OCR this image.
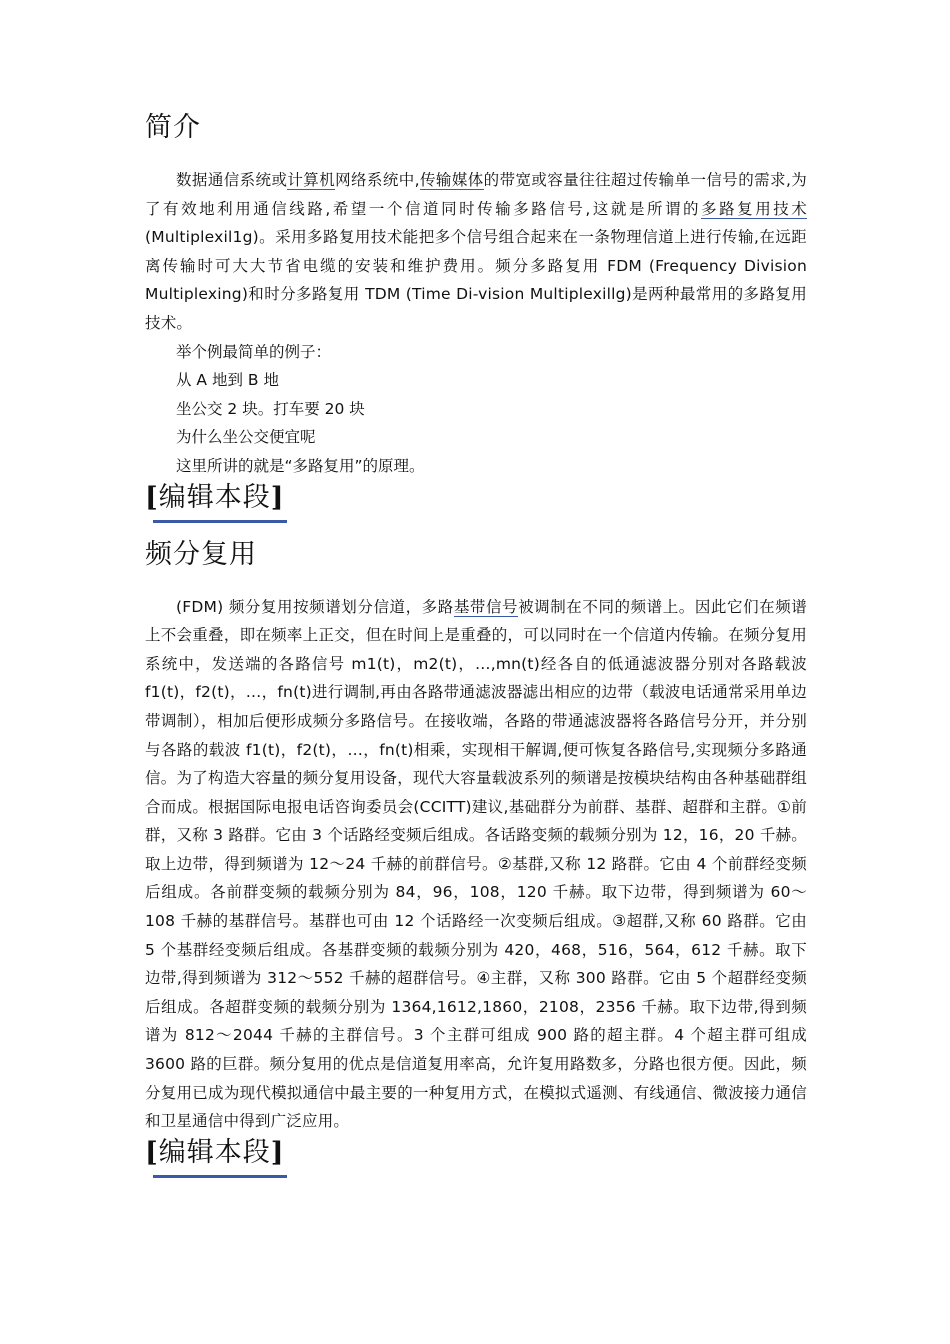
简介

数据通信系统或计算机网络系统中,传输媒体的带宽或容量往往超过传输单一信号的需求,为了有效地利用通信线路,希望一个信道同时传输多路信号,这就是所谓的多路复用技术(Multiplexil1g)。采用多路复用技术能把多个信号组合起来在一条物理信道上进行传输,在远距离传输时可大大节省电缆的安装和维护费用。频分多路复用 FDM (Frequency Division Multiplexing)和时分多路复用 TDM (Time Di-vision Multiplexillg)是两种最常用的多路复用技术。

举个例最简单的例子：

从 A 地到 B 地

坐公交 2 块。打车要 20 块

为什么坐公交便宜呢

这里所讲的就是“多路复用”的原理。

[编辑本段]
频分复用

(FDM) 频分复用按频谱划分信道，多路基带信号被调制在不同的频谱上。因此它们在频谱上不会重叠，即在频率上正交，但在时间上是重叠的，可以同时在一个信道内传输。在频分复用系统中，发送端的各路信号 m1(t)，m2(t)，…,mn(t)经各自的低通滤波器分别对各路载波 f1(t)，f2(t)，…，fn(t)进行调制,再由各路带通滤波器滤出相应的边带（载波电话通常采用单边带调制），相加后便形成频分多路信号。在接收端，各路的带通滤波器将各路信号分开，并分别与各路的载波 f1(t)，f2(t)，…，fn(t)相乘，实现相干解调,便可恢复各路信号,实现频分多路通信。为了构造大容量的频分复用设备，现代大容量载波系列的频谱是按模块结构由各种基础群组合而成。根据国际电报电话咨询委员会(CCITT)建议,基础群分为前群、基群、超群和主群。①前群，又称 3 路群。它由 3 个话路经变频后组成。各话路变频的载频分别为 12，16，20 千赫。取上边带，得到频谱为 12～24 千赫的前群信号。②基群,又称 12 路群。它由 4 个前群经变频后组成。各前群变频的载频分别为 84，96，108，120 千赫。取下边带，得到频谱为 60～108 千赫的基群信号。基群也可由 12 个话路经一次变频后组成。③超群,又称 60 路群。它由 5 个基群经变频后组成。各基群变频的载频分别为 420，468，516，564，612 千赫。取下边带,得到频谱为 312～552 千赫的超群信号。④主群，又称 300 路群。它由 5 个超群经变频后组成。各超群变频的载频分别为 1364,1612,1860，2108，2356 千赫。取下边带,得到频谱为 812～2044 千赫的主群信号。3 个主群可组成 900 路的超主群。4 个超主群可组成 3600 路的巨群。频分复用的优点是信道复用率高，允许复用路数多，分路也很方便。因此，频分复用已成为现代模拟通信中最主要的一种复用方式，在模拟式遥测、有线通信、微波接力通信和卫星通信中得到广泛应用。

[编辑本段]
